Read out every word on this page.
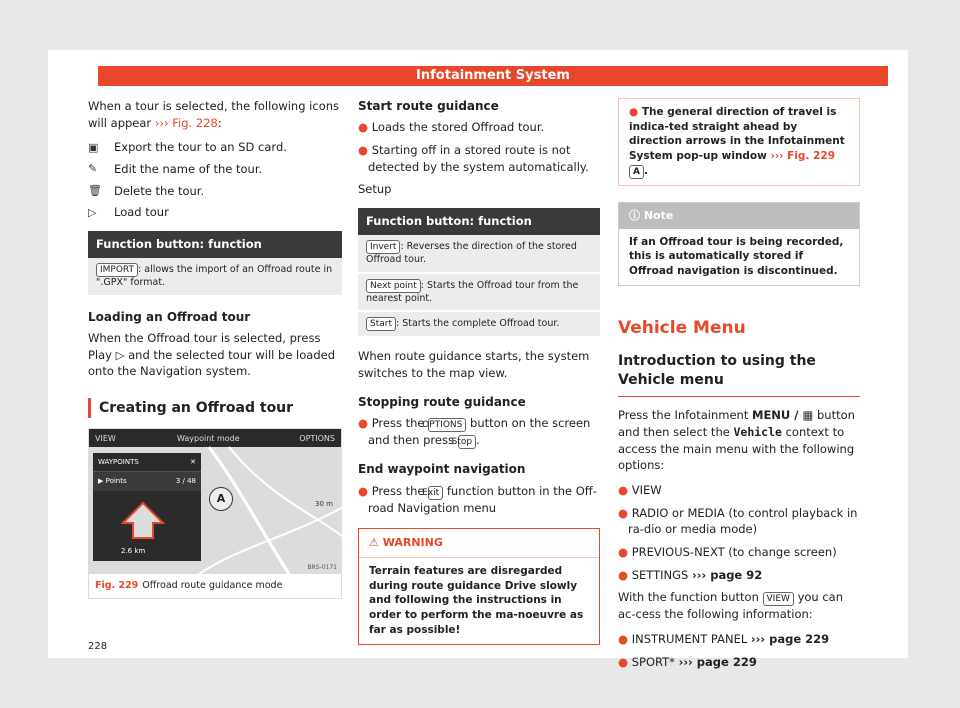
Infotainment System

When a tour is selected, the following icons will appear ››› Fig. 228:

▣	Export the tour to an SD card.
✎	Edit the name of the tour.
🗑	Delete the tour.
▷	Load tour
Function button: function
IMPORT : allows the import of an Offroad route in ".GPX" format.
Loading an Offroad tour

When the Offroad tour is selected, press Play ▷ and the selected tour will be loaded onto the Navigation system.

Creating an Offroad tour
VIEW	Waypoint mode	OPTIONS
WAYPOINTS	✕
▶ Points	3 / 48
2.6 km
A	30 m
BRS-0171
Fig. 229 Offroad route guidance mode
Start route guidance

● Loads the stored Offroad tour.

● Starting off in a stored route is not detected by the system automatically.

Setup

Function button: function
Invert : Reverses the direction of the stored Offroad tour.
Next point : Starts the Offroad tour from the nearest point.
Start : Starts the complete Offroad tour.

When route guidance starts, the system switches to the map view.

Stopping route guidance

● Press the OPTIONS button on the screen and then press Stop .

End waypoint navigation

● Press the Exit function button in the Off-road Navigation menu

⚠ WARNING
Terrain features are disregarded during route guidance Drive slowly and following the instructions in order to perform the ma-noeuvre as far as possible!
● The general direction of travel is indica-ted straight ahead by direction arrows in the Infotainment System pop-up window ››› Fig. 229 A .
ⓘ Note
If an Offroad tour is being recorded, this is automatically stored if Offroad navigation is discontinued.
Vehicle Menu
Introduction to using the Vehicle menu

Press the Infotainment MENU / ▦ button and then select the Vehicle context to access the main menu with the following options:

● VIEW

● RADIO or MEDIA (to control playback in ra-dio or media mode)

● PREVIOUS-NEXT (to change screen)

● SETTINGS ››› page 92

With the function button VIEW you can ac-cess the following information:

● INSTRUMENT PANEL ››› page 229

● SPORT* ››› page 229

228
